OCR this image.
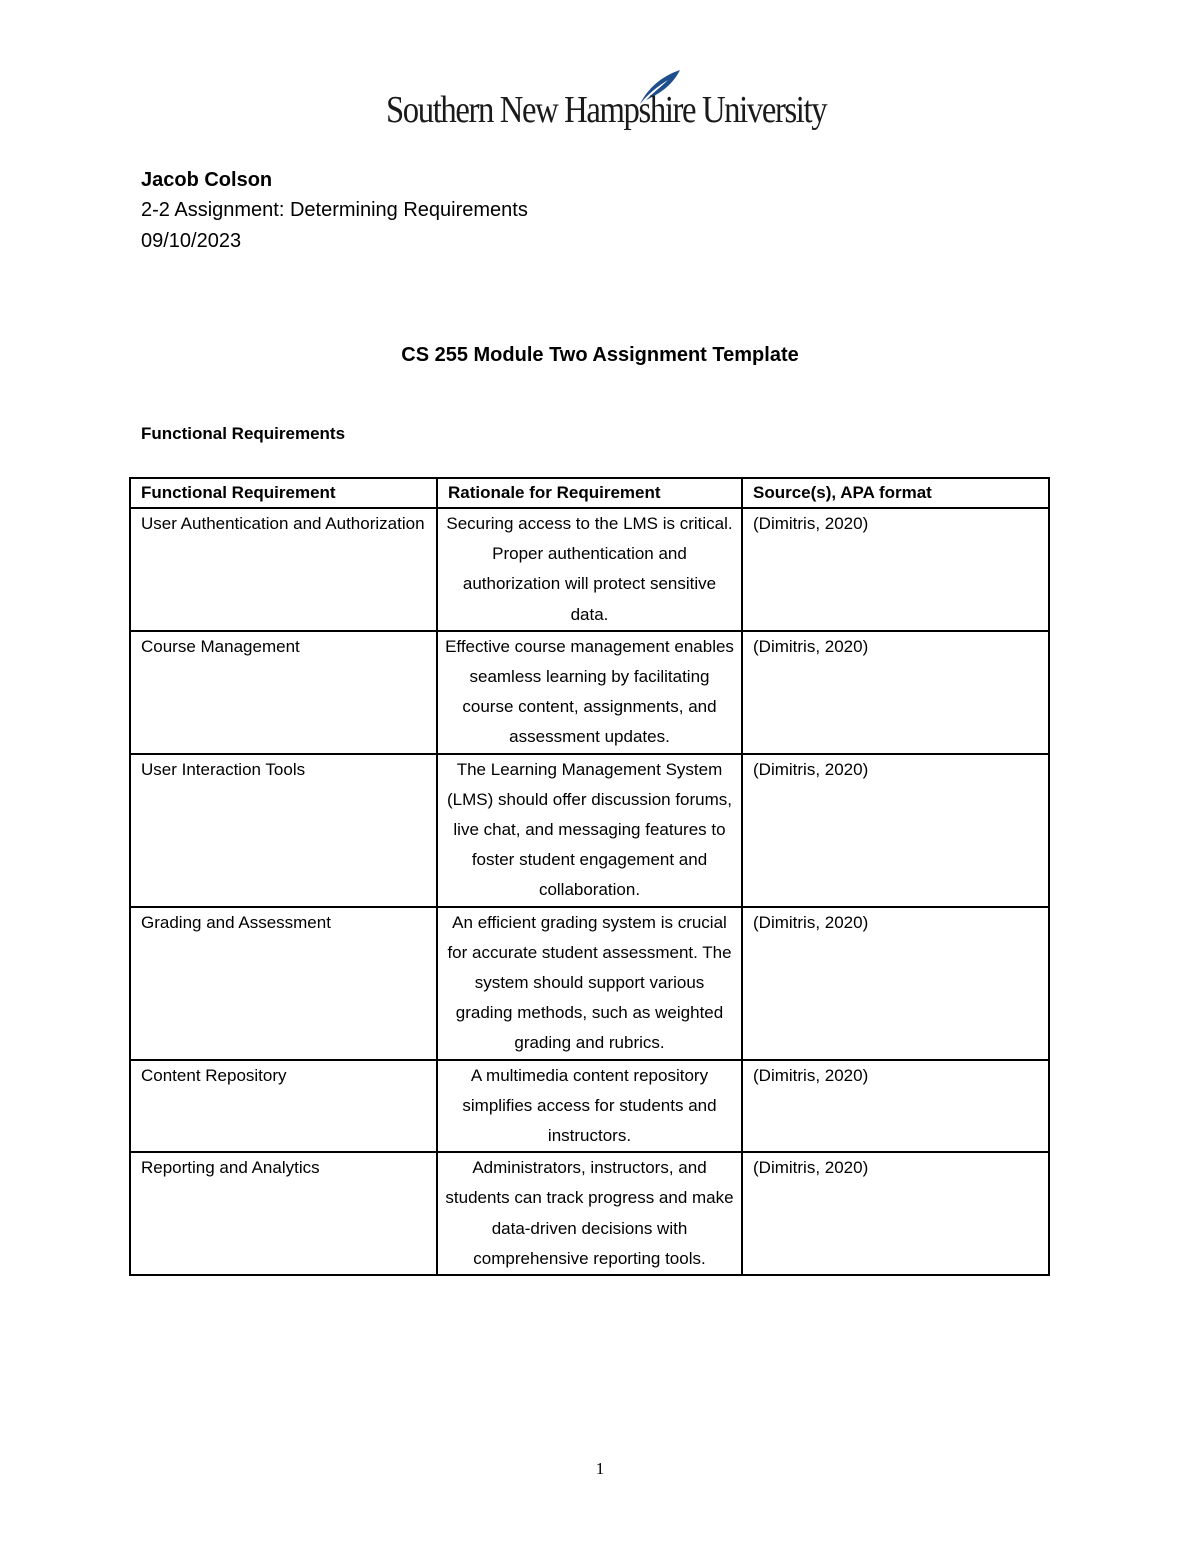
Southern New Hampshire University
Jacob Colson
2-2 Assignment: Determining Requirements
09/10/2023
CS 255 Module Two Assignment Template
Functional Requirements
Functional Requirement	Rationale for Requirement	Source(s), APA format
User Authentication and Authorization	Securing access to the LMS is critical. Proper authentication and authorization will protect sensitive data.	(Dimitris, 2020)
Course Management	Effective course management enables seamless learning by facilitating course content, assignments, and assessment updates.	(Dimitris, 2020)
User Interaction Tools	The Learning Management System (LMS) should offer discussion forums, live chat, and messaging features to foster student engagement and collaboration.	(Dimitris, 2020)
Grading and Assessment	An efficient grading system is crucial for accurate student assessment. The system should support various grading methods, such as weighted grading and rubrics.	(Dimitris, 2020)
Content Repository	A multimedia content repository simplifies access for students and instructors.	(Dimitris, 2020)
Reporting and Analytics	Administrators, instructors, and students can track progress and make data-driven decisions with comprehensive reporting tools.	(Dimitris, 2020)
1
